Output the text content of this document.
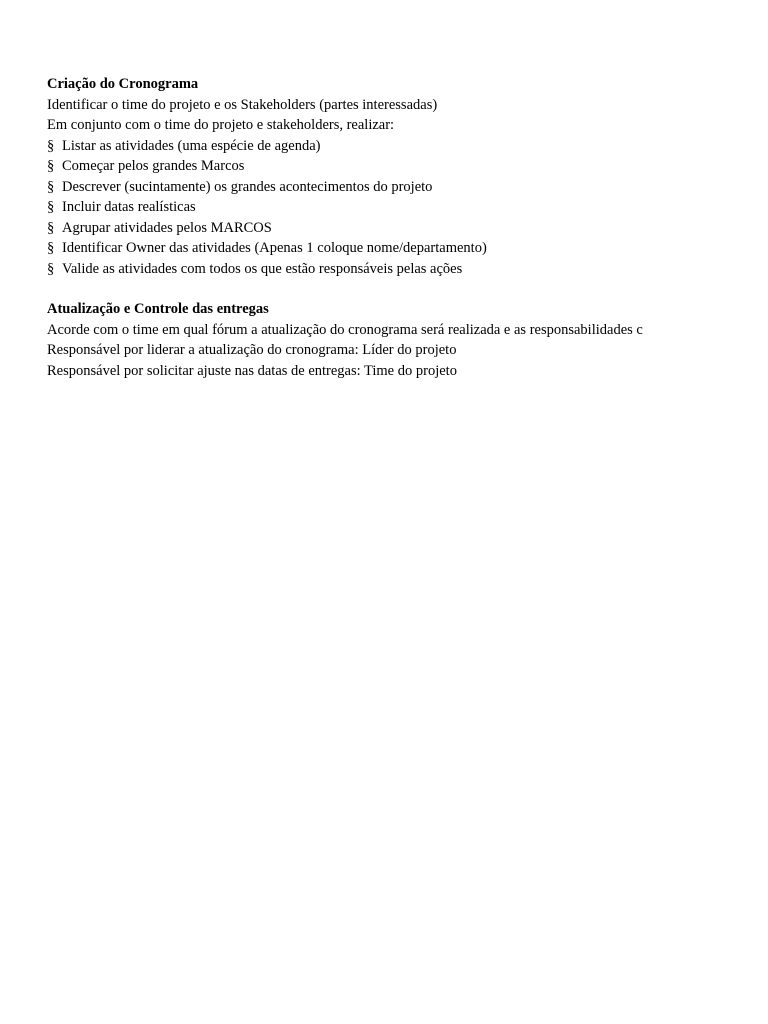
Criação do Cronograma
Identificar o time do projeto e os Stakeholders (partes interessadas)
Em conjunto com o time do projeto e stakeholders, realizar:
§ Listar as atividades (uma espécie de agenda)
§ Começar pelos grandes Marcos
§ Descrever (sucintamente) os grandes acontecimentos do projeto
§ Incluir datas realísticas
§ Agrupar atividades pelos MARCOS
§ Identificar Owner das atividades (Apenas 1 coloque nome/departamento)
§ Valide as atividades com todos os que estão responsáveis pelas ações
Atualização e Controle das entregas
Acorde com o time em qual fórum a atualização do cronograma será realizada e as responsabilidades c
Responsável por liderar a atualização do cronograma: Líder do projeto
Responsável por solicitar ajuste nas datas de entregas: Time do projeto
